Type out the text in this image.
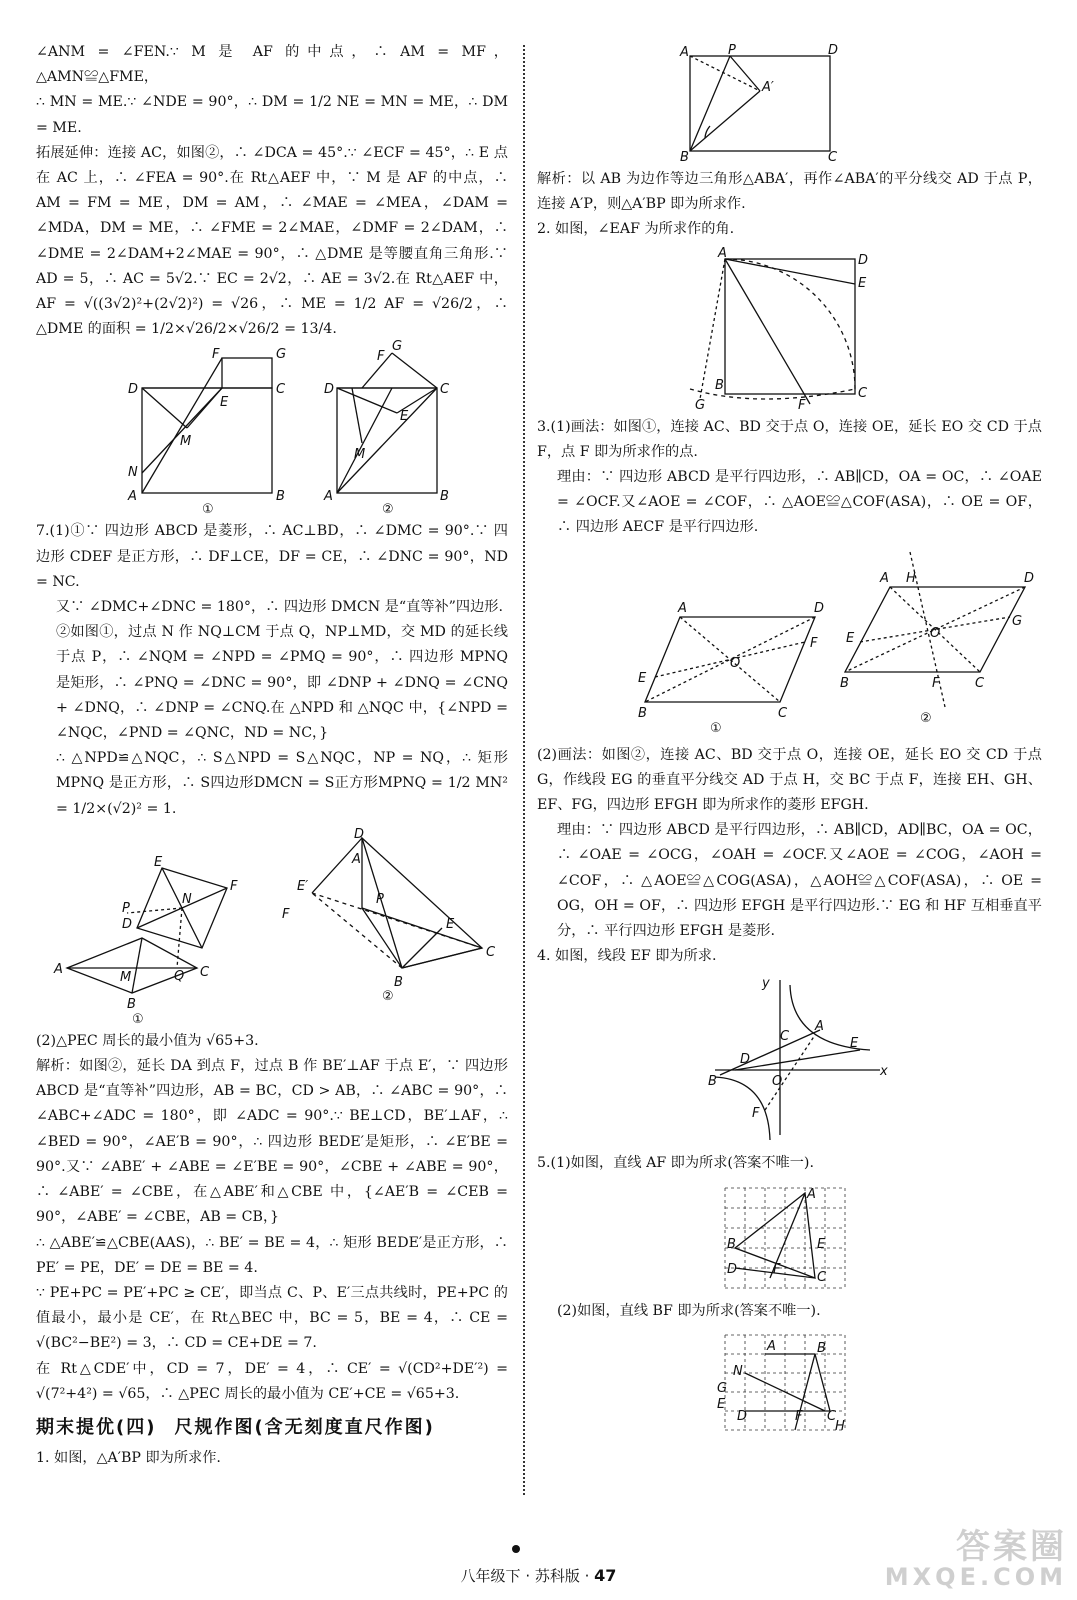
∠ANM = ∠FEN.∵ M 是 AF 的中点，∴ AM = MF，△AMN≌△FME，

∴ MN = ME.∵ ∠NDE = 90°，∴ DM = 1/2 NE = MN = ME，∴ DM = ME.

拓展延伸：连接 AC，如图②，∴ ∠DCA = 45°.∵ ∠ECF = 45°，∴ E 点在 AC 上，∴ ∠FEA = 90°.在 Rt△AEF 中，∵ M 是 AF 的中点，∴ AM = FM = ME，DM = AM，∴ ∠MAE = ∠MEA，∠DAM = ∠MDA，DM = ME，∴ ∠FME = 2∠MAE，∠DMF = 2∠DAM，∴ ∠DME = 2∠DAM+2∠MAE = 90°，∴ △DME 是等腰直角三角形.∵ AD = 5，∴ AC = 5√2.∵ EC = 2√2，∴ AE = 3√2.在 Rt△AEF 中，AF = √((3√2)²+(2√2)²) = √26，∴ ME = 1/2 AF = √26/2，∴ △DME 的面积 = 1/2×√26/2×√26/2 = 13/4.

D
F	G
C
E
M
N
A	B
D
F
G
C
E
M
A	B
①	②

7.(1)①∵ 四边形 ABCD 是菱形，∴ AC⊥BD，∴ ∠DMC = 90°.∵ 四边形 CDEF 是正方形，∴ DF⊥CE，DF = CE，∴ ∠DNC = 90°，ND = NC.

又∵ ∠DMC+∠DNC = 180°，∴ 四边形 DMCN 是“直等补”四边形.

②如图①，过点 N 作 NQ⊥CM 于点 Q，NP⊥MD，交 MD 的延长线于点 P，∴ ∠NQM = ∠NPD = ∠PMQ = 90°，∴ 四边形 MPNQ 是矩形，∴ ∠PNQ = ∠DNC = 90°，即 ∠DNP + ∠DNQ = ∠CNQ + ∠DNQ，∴ ∠DNP = ∠CNQ.在 △NPD 和 △NQC 中，{∠NPD = ∠NQC，∠PND = ∠QNC，ND = NC，}

∴ △NPD≌△NQC，∴ S△NPD = S△NQC，NP = NQ，∴ 矩形 MPNQ 是正方形，∴ S四边形DMCN = S正方形MPNQ = 1/2 MN² = 1/2×(√2)² = 1.

A
B
C
E
F
N
P
D
M	Q
D
A
P
E′
F
E
B
C
①
②

(2)△PEC 周长的最小值为 √65+3.

解析：如图②，延长 DA 到点 F，过点 B 作 BE′⊥AF 于点 E′，∵ 四边形 ABCD 是“直等补”四边形，AB = BC，CD > AB，∴ ∠ABC = 90°，∴ ∠ABC+∠ADC = 180°，即 ∠ADC = 90°.∵ BE⊥CD，BE′⊥AF，∴ ∠BED = 90°，∠AE′B = 90°，∴ 四边形 BEDE′是矩形，∴ ∠E′BE = 90°.又∵ ∠ABE′ + ∠ABE = ∠E′BE = 90°，∠CBE + ∠ABE = 90°，∴ ∠ABE′ = ∠CBE，在△ABE′和△CBE 中，{∠AE′B = ∠CEB = 90°，∠ABE′ = ∠CBE，AB = CB，}

∴ △ABE′≌△CBE(AAS)，∴ BE′ = BE = 4，∴ 矩形 BEDE′是正方形，∴ PE′ = PE，DE′ = DE = BE = 4.

∵ PE+PC = PE′+PC ≥ CE′，即当点 C、P、E′三点共线时，PE+PC 的值最小，最小是 CE′，在 Rt△BEC 中，BC = 5，BE = 4，∴ CE = √(BC²−BE²) = 3，∴ CD = CE+DE = 7.

在 Rt△CDE′中，CD = 7，DE′ = 4，∴ CE′ = √(CD²+DE′²) = √(7²+4²) = √65，∴ △PEC 周长的最小值为 CE′+CE = √65+3.

期末提优(四) 尺规作图(含无刻度直尺作图)

1. 如图，△A′BP 即为所求作.

A	P	D
A′
B	C

解析：以 AB 为边作等边三角形△ABA′，再作∠ABA′的平分线交 AD 于点 P，连接 A′P，则△A′BP 即为所求作.

2. 如图，∠EAF 为所求作的角.

A	D
E
B
C
G	F

3.(1)画法：如图①，连接 AC、BD 交于点 O，连接 OE，延长 EO 交 CD 于点 F，点 F 即为所求作的点.

理由：∵ 四边形 ABCD 是平行四边形，∴ AB∥CD，OA = OC，∴ ∠OAE = ∠OCF.又∠AOE = ∠COF，∴ △AOE≌△COF(ASA)，∴ OE = OF，∴ 四边形 AECF 是平行四边形.

A	D
F
O
E
B	C
A H	D
G
O
E
B	F	C
①
②

(2)画法：如图②，连接 AC、BD 交于点 O，连接 OE，延长 EO 交 CD 于点 G，作线段 EG 的垂直平分线交 AD 于点 H，交 BC 于点 F，连接 EH、GH、EF、FG，四边形 EFGH 即为所求作的菱形 EFGH.

理由：∵ 四边形 ABCD 是平行四边形，∴ AB∥CD，AD∥BC，OA = OC，∴ ∠OAE = ∠OCG，∠OAH = ∠OCF.又∠AOE = ∠COG，∠AOH = ∠COF，∴ △AOE≌△COG(ASA)，△AOH≌△COF(ASA)，∴ OE = OG，OH = OF，∴ 四边形 EFGH 是平行四边形.∵ EG 和 HF 互相垂直平分，∴ 平行四边形 EFGH 是菱形.

4. 如图，线段 EF 即为所求.

y
x
O
A
C	E
D
B
F

5.(1)如图，直线 AF 即为所求(答案不唯一).

A
B	E
D	F
C

(2)如图，直线 BF 即为所求(答案不唯一).

A	B
N
G
E
D	F C
H
八年级下 · 苏科版 · 47
答案圈
MXQE.COM
